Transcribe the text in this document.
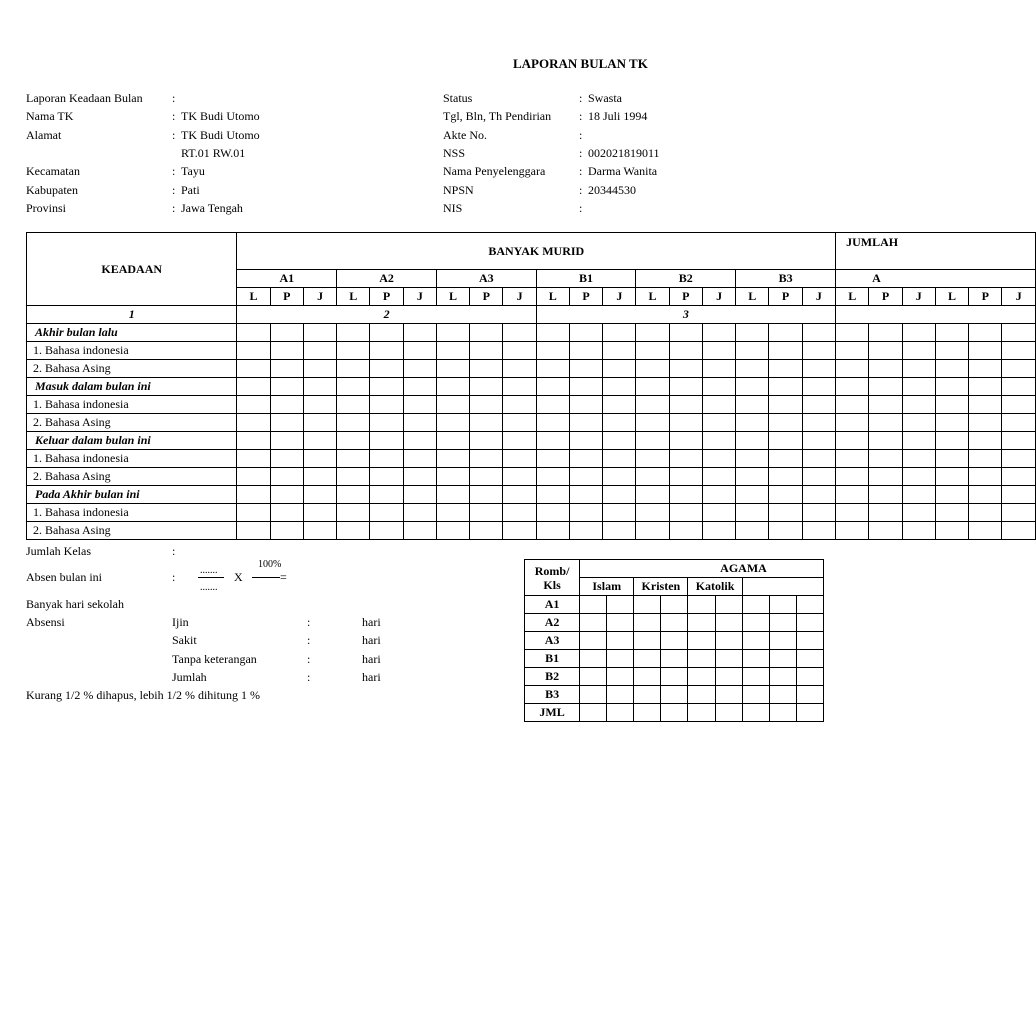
LAPORAN BULAN TK
Laporan Keadaan Bulan :
Nama TK	: TK Budi Utomo
Alamat	: TK Budi Utomo
RT.01 RW.01
Kecamatan	: Tayu
Kabupaten	: Pati
Provinsi	: Jawa Tengah
Status	: Swasta
Tgl, Bln, Th Pendirian : 18 Juli 1994
Akte No.	:
NSS	: 002021819011
Nama Penyelenggara	: Darma Wanita
NPSN	: 20344530
NIS	:
KEADAAN	BANYAK MURID																		JUMLAH					
	A1			A2			A3			B1			B2			B3			A					
	L	P	J	L	P	J	L	P	J	L	P	J	L	P	J	L	P	J	L	P	J	L	P	J
1	2									3														
Akhir bulan lalu																								
1. Bahasa indonesia																								
2. Bahasa Asing																								
Masuk dalam bulan ini																								
1. Bahasa indonesia																								
2. Bahasa Asing																								
Keluar dalam bulan ini																								
1. Bahasa indonesia																								
2. Bahasa Asing																								
Pada Akhir bulan ini																								
1. Bahasa indonesia																								
2. Bahasa Asing																								
Jumlah Kelas	:
Absen bulan ini	: .......
.......
X
100%
=
Banyak hari sekolah
Absensi	Ijin	:	hari
Sakit	:	hari
Tanpa keterangan	:	hari
Jumlah	:	hari
Kurang 1/2 % dihapus, lebih 1/2 % dihitung 1 %
Romb/
Kls	AGAMA								
	Islam		Kristen		Katolik				
A1									
A2									
A3									
B1									
B2									
B3									
JML									
